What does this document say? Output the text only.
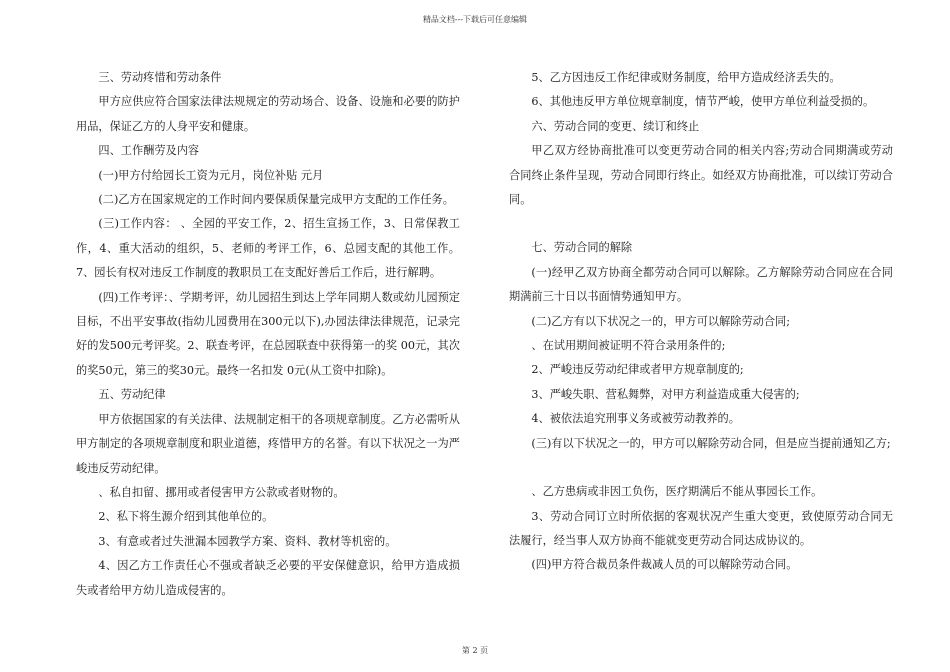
精品文档---下载后可任意编辑

三、劳动疼惜和劳动条件

甲方应供应符合国家法律法规规定的劳动场合、设备、设施和必要的防护用品，保证乙方的人身平安和健康。

四、工作酬劳及内容

(一)甲方付给园长工资为元月，岗位补贴 元月

(二)乙方在国家规定的工作时间内要保质保量完成甲方支配的工作任务。

(三)工作内容： 、全园的平安工作，2、招生宣扬工作，3、日常保教工作，4、重大活动的组织，5、老师的考评工作，6、总园支配的其他工作。7、园长有权对违反工作制度的教职员工在支配好善后工作后，进行解聘。

(四)工作考评：、学期考评，幼儿园招生到达上学年同期人数或幼儿园预定目标，不出平安事故(指幼儿园费用在300元以下),办园法律法律规范，记录完好的发500元考评奖。2、联查考评，在总园联查中获得第一的奖 00元，其次的奖50元，第三的奖30元。最终一名扣发 0元(从工资中扣除)。

五、劳动纪律

甲方依据国家的有关法律、法规制定相干的各项规章制度。乙方必需听从甲方制定的各项规章制度和职业道德，疼惜甲方的名誉。有以下状况之一为严峻违反劳动纪律。

、私自扣留、挪用或者侵害甲方公款或者财物的。

2、私下将生源介绍到其他单位的。

3、有意或者过失泄漏本园教学方案、资料、教材等机密的。

4、因乙方工作责任心不强或者缺乏必要的平安保健意识，给甲方造成损失或者给甲方幼儿造成侵害的。

5、乙方因违反工作纪律或财务制度，给甲方造成经济丢失的。

6、其他违反甲方单位规章制度，情节严峻，使甲方单位利益受损的。

六、劳动合同的变更、续订和终止

甲乙双方经协商批准可以变更劳动合同的相关内容;劳动合同期满或劳动合同终止条件呈现，劳动合同即行终止。如经双方协商批准，可以续订劳动合同。

七、劳动合同的解除

(一)经甲乙双方协商全都劳动合同可以解除。乙方解除劳动合同应在合同期满前三十日以书面情势通知甲方。

(二)乙方有以下状况之一的，甲方可以解除劳动合同;

、在试用期间被证明不符合录用条件的;

2、严峻违反劳动纪律或者甲方规章制度的;

3、严峻失职、营私舞弊，对甲方利益造成重大侵害的;

4、被依法追究刑事义务或被劳动教养的。

(三)有以下状况之一的，甲方可以解除劳动合同，但是应当提前通知乙方;

、乙方患病或非因工负伤，医疗期满后不能从事园长工作。

3、劳动合同订立时所依据的客观状况产生重大变更，致使原劳动合同无法履行，经当事人双方协商不能就变更劳动合同达成协议的。

(四)甲方符合裁员条件裁减人员的可以解除劳动合同。

第 2 页
